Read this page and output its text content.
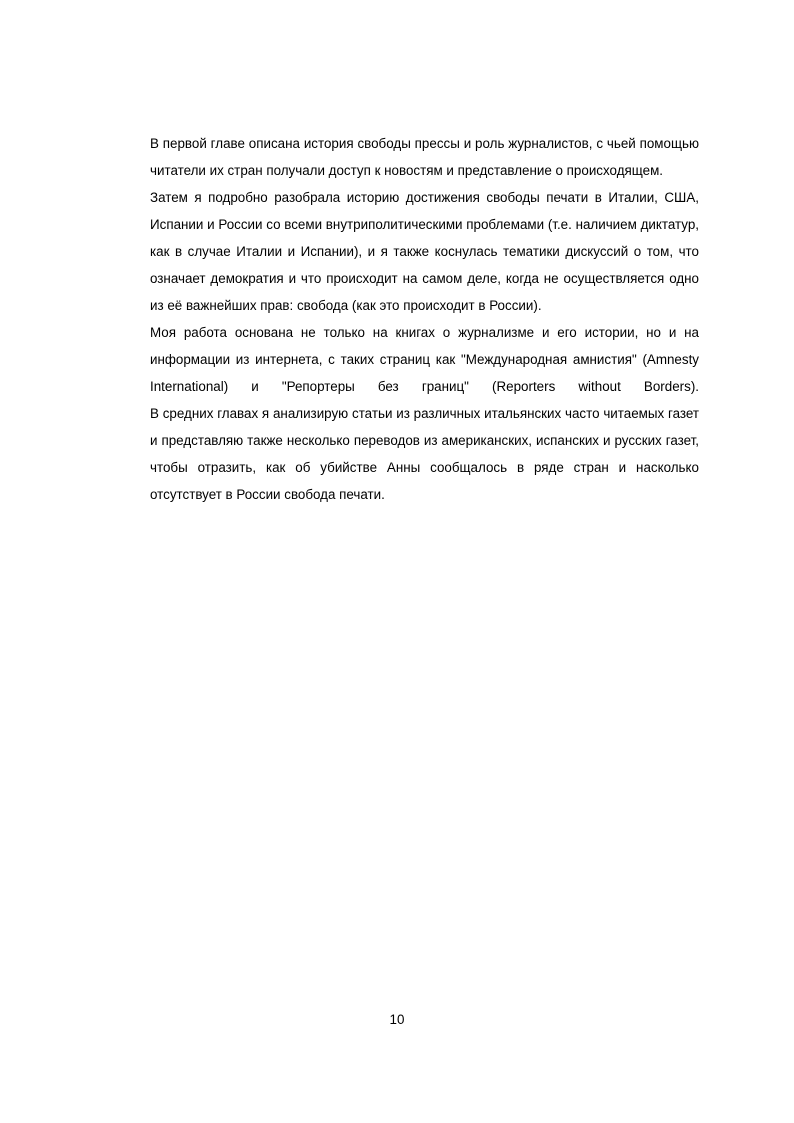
В первой главе описана история свободы прессы и роль журналистов, с чьей помощью читатели их стран получали доступ к новостям и представление о происходящем.

Затем я подробно разобрала историю достижения свободы печати в Италии, США, Испании и России со всеми внутриполитическими проблемами (т.е. наличием диктатур, как в случае Италии и Испании), и я также коснулась тематики дискуссий о том, что означает демократия и что происходит на самом деле, когда не осуществляется одно из её важнейших прав: свобода (как это происходит в России).

Моя работа основана не только на книгах о журнализме и его истории, но и на информации из интернета, с таких страниц как "Международная амнистия" (Amnesty International) и "Репортеры без границ" (Reporters without Borders).

В средних главах я анализирую статьи из различных итальянских часто читаемых газет и представляю также несколько переводов из американских, испанских и русских газет, чтобы отразить, как об убийстве Анны сообщалось в ряде стран и насколько отсутствует в России свобода печати.

10
